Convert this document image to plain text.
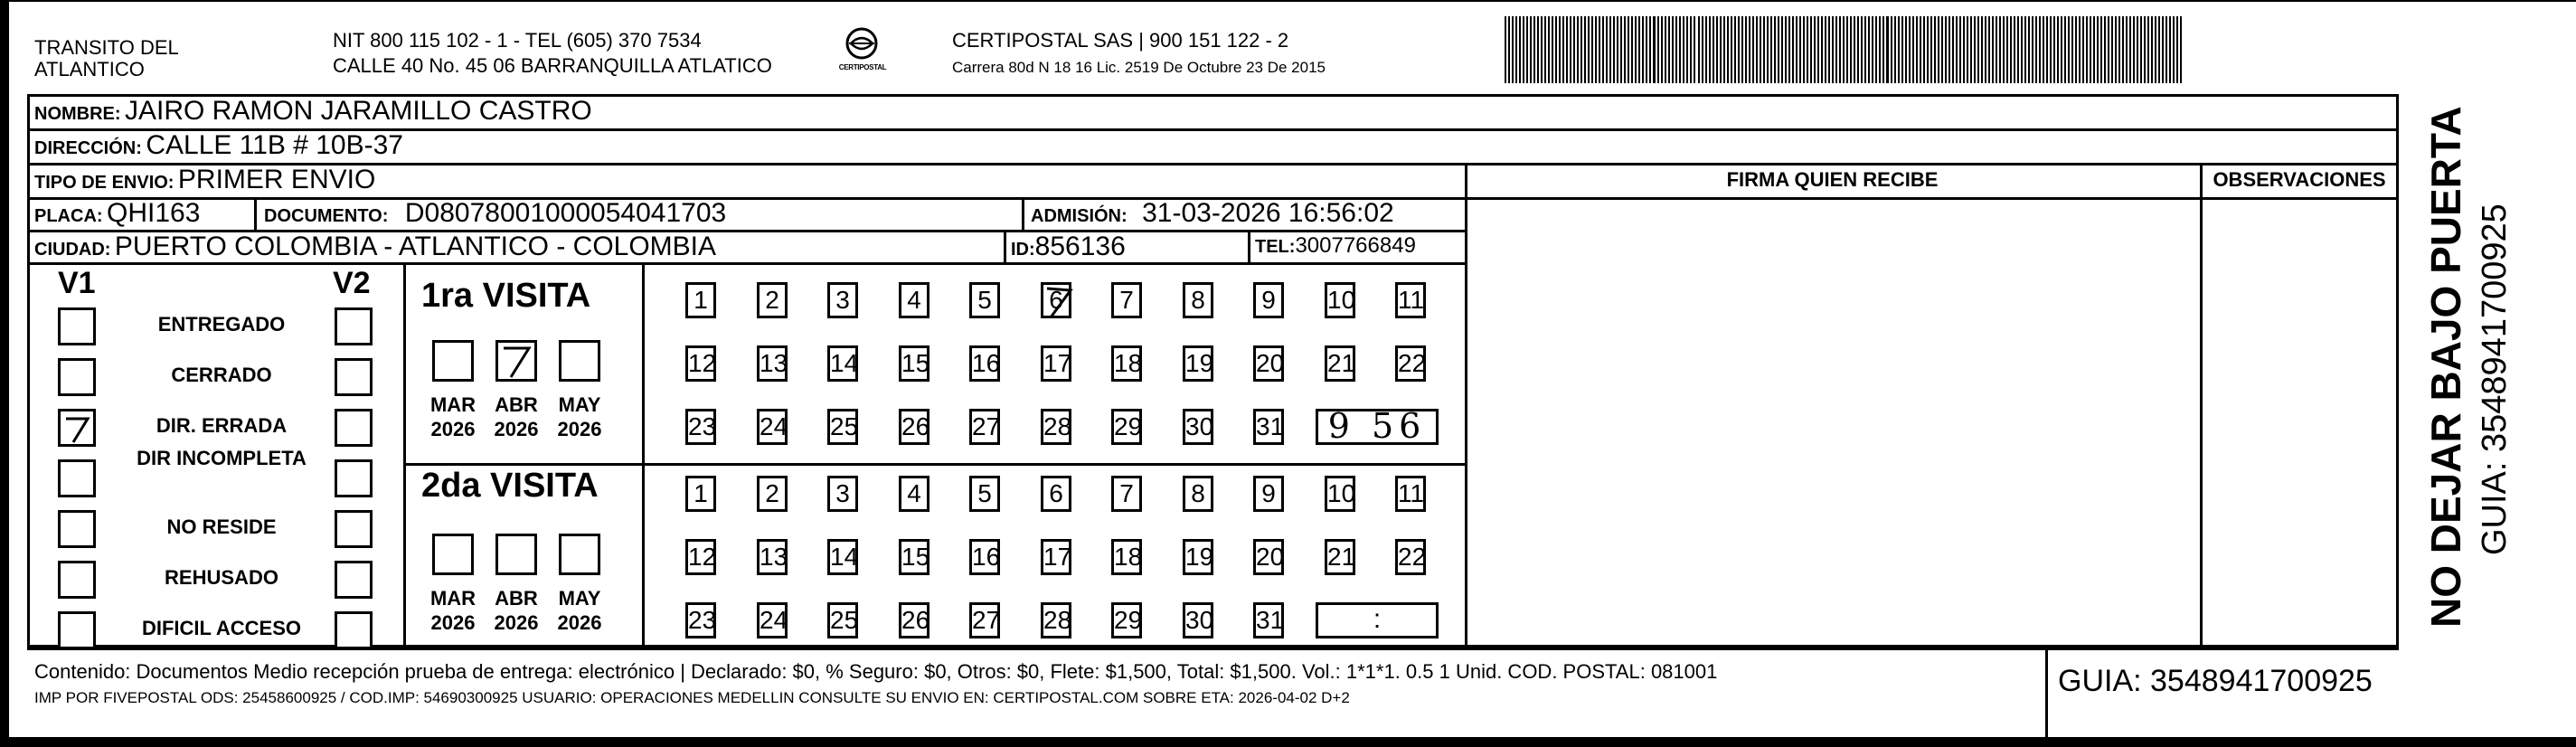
TRANSITO DEL
ATLANTICO
NIT 800 115 102 - 1 - TEL (605) 370 7534
CALLE 40 No. 45 06 BARRANQUILLA ATLATICO	CERTIPOSTAL
CERTIPOSTAL SAS | 900 151 122 - 2
Carrera 80d N 18 16 Lic. 2519 De Octubre 23 De 2015
NOMBRE: JAIRO RAMON JARAMILLO CASTRO
DIRECCIÓN: CALLE 11B # 10B-37
TIPO DE ENVIO: PRIMER ENVIO	FIRMA QUIEN RECIBE	OBSERVACIONES
PLACA: QHI163	DOCUMENTO: D08078001000054041703	ADMISIÓN: 31-03-2026 16:56:02
CIUDAD: PUERTO COLOMBIA - ATLANTICO - COLOMBIA	ID:856136	TEL:3007766849
V1	V2
ENTREGADO
CERRADO
DIR. ERRADA
DIR INCOMPLETA
NO RESIDE
REHUSADO
DIFICIL ACCESO
1ra VISITA
MAR
2026
ABR
2026
MAY
2026
1	2	3	4	5	6	7	8	9	10 11
12 13 14 15 16 17 18 19 20 21 22
23 24 25 26 27 28 29 30 31	9 56
2da VISITA
MAR
2026
ABR
2026
MAY
2026
1	2	3	4	5	6	7	8	9	10 11
12 13 14 15 16 17 18 19 20 21 22
23 24 25 26 27 28 29 30 31	:
Contenido: Documentos Medio recepción prueba de entrega: electrónico | Declarado: $0, % Seguro: $0, Otros: $0, Flete: $1,500, Total: $1,500. Vol.: 1*1*1. 0.5 1 Unid. COD. POSTAL: 081001
IMP POR FIVEPOSTAL ODS: 25458600925 / COD.IMP: 54690300925 USUARIO: OPERACIONES MEDELLIN CONSULTE SU ENVIO EN: CERTIPOSTAL.COM SOBRE ETA: 2026-04-02 D+2	GUIA: 3548941700925
NO DEJAR BAJO PUERTA GUIA: 3548941700925
